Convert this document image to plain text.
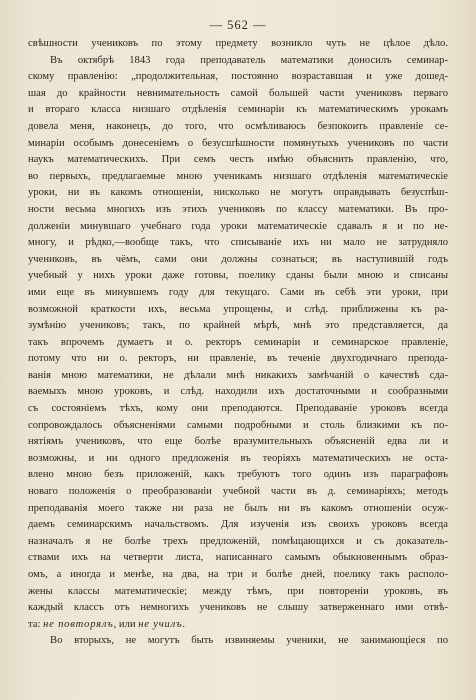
— 562 —
свѣшности учениковъ по этому предмету возникло чуть не цѣлое дѣло.
Въ октябрѣ 1843 года преподаватель математики доносилъ семинар-
скому правленію: „продолжительная, постоянно возраставшая и уже дошед-
шая до крайности невнимательность самой большей части учениковъ перваго
и втораго класса низшаго отдѣленія семинаріи къ математическимъ урокамъ
довела меня, наконецъ, до того, что осмѣливаюсь безпокоить правленіе се-
минаріи особымъ донесеніемъ о безусшѣшности помянутыхъ учениковъ по части
наукъ математическихъ. При семъ честь имѣю объяснить правленію, что,
во первыхъ, предлагаемые мною ученикамъ низшаго отдѣленія математическіе
уроки, ни въ какомъ отношеніи, нисколько не могутъ оправдывать безуспѣш-
ности весьма многихъ изъ этихъ учениковъ по классу математики. Въ про-
долженіи минувшаго учебнаго года уроки математическіе сдавалъ я и по не-
многу, и рѣдко,—вообще такъ, что списываніе ихъ ни мало не затрудняло
учениковъ, въ чёмъ, сами они должны сознаться; въ наступившій годъ
учебный у нихъ уроки даже готовы, поелику сданы были мною и списаны
ими еще въ минувшемъ году для текущаго. Сами въ себѣ эти уроки, при
возможной краткости ихъ, весьма упрощены, и слѣд. приближены къ ра-
зумѣнію учениковъ; такъ, по крайней мѣрѣ, мнѣ это представляется, да
такъ впрочемъ думаетъ и о. ректоръ семинаріи и семинарское правленіе,
потому что ни о. ректоръ, ни правленіе, въ теченіе двухгодичнаго препода-
ванія мною математики, не дѣлали мнѣ никакихъ замѣчаній о качествѣ сда-
ваемыхъ мною уроковъ, и слѣд. находили ихъ достаточными и сообразными
съ состояніемъ тѣхъ, кому они преподаются. Преподаваніе уроковъ всегда
сопровождалось объясненіями самыми подробными и столь близкими къ по-
нятіямъ учениковъ, что еще болѣе вразумительныхъ объясненій едва ли и
возможны, и ни одного предложенія въ теоріяхъ математическихъ не оста-
влено мною безъ приложеній, какъ требуютъ того одинъ изъ параграфовъ
новаго положенія о преобразованіи учебной части въ д. семинаріяхъ; методъ
преподаванія моего также ни раза не былъ ни въ какомъ отношеніи осуж-
даемъ семинарскимъ начальствомъ. Для изученія изъ своихъ уроковъ всегда
назначалъ я не болѣе трехъ предложеній, помѣщающихся и съ доказатель-
ствами ихъ на четверти листа, написаннаго самымъ обыкновеннымъ образ-
омъ, а иногда и менѣе, на два, на три и болѣе дней, поелику такъ располо-
жены классы математическіе; между тѣмъ, при повтореніи уроковъ, въ
каждый классъ отъ немногихъ учениковъ не слышу затверженнаго ими отвѣ-
та: не повторялъ, или не училъ.
Во вторыхъ, не могутъ быть извиняемы ученики, не занимающіеся по
